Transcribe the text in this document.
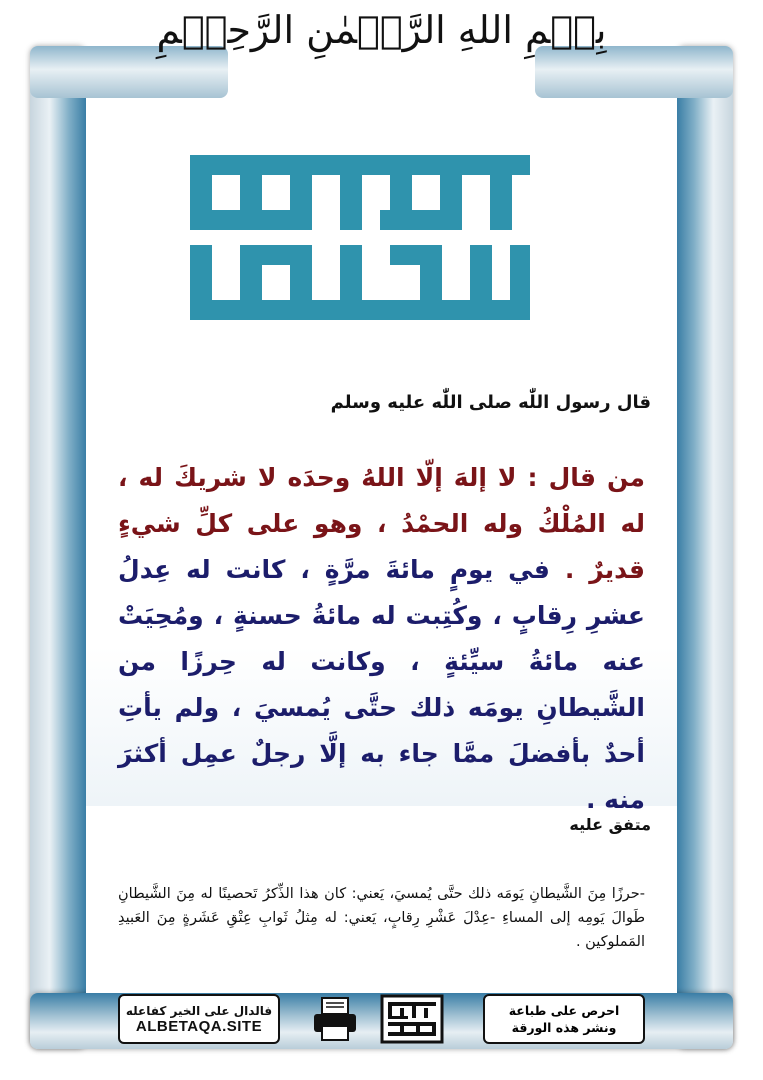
بِسۡمِ اللهِ الرَّحۡمٰنِ الرَّحِيۡمِ
الأذكار كنوز
قال رسول اللّٰه صلى اللّٰه عليه وسلم
من قال : لا إلهَ إلّا اللهُ وحدَه لا شريكَ له ، له المُلْكُ وله الحمْدُ ، وهو على كلِّ شيءٍ قديرٌ . في يومٍ مائةَ مرَّةٍ ، كانت له عِدلُ عشرِ رِقابٍ ، وكُتِبت له مائةُ حسنةٍ ، ومُحِيَتْ عنه مائةُ سيِّئةٍ ، وكانت له حِرزًا من الشَّيطانِ يومَه ذلك حتَّى يُمسيَ ، ولم يأتِ أحدٌ بأفضلَ ممَّا جاء به إلَّا رجلٌ عمِل أكثرَ منه .
متفق عليه
-حرزًا مِنَ الشَّيطانِ يَومَه ذلك حتَّى يُمسيَ، يَعني: كان هذا الذِّكرُ تَحصينًا له مِنَ الشَّيطانِ طَوالَ يَومِه إلى المساءِ -عِدْلَ عَشْرِ رِقابٍ، يَعني: له مِثلُ ثَوابِ عِتْقِ عَشَرةٍ مِنَ العَبيدِ المَملوكين .
فالدال على الخير كفاعله
ALBETAQA.SITE
احرص على طباعة
ونشر هذه الورقة
